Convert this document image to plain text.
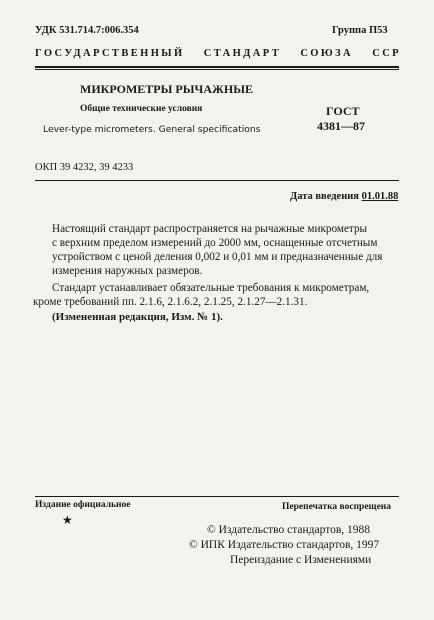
УДК 531.714.7:006.354	Группа П53
ГОСУДАРСТВЕННЫЙ СТАНДАРТ СОЮЗА ССР
МИКРОМЕТРЫ РЫЧАЖНЫЕ
Общие технические условия
Lever-type micrometers. General specifications
ГОСТ
4381—87
ОКП 39 4232, 39 4233
Дата введения 01.01.88
Настоящий стандарт распространяется на рычажные микрометры
с верхним пределом измерений до 2000 мм, оснащенные отсчетным
устройством с ценой деления 0,002 и 0,01 мм и предназначенные для
измерения наружных размеров.
Стандарт устанавливает обязательные требования к микрометрам,
кроме требований пп. 2.1.6, 2.1.6.2, 2.1.25, 2.1.27—2.1.31.
(Измененная редакция, Изм. № 1).
Издание официальное
★
Перепечатка воспрещена
© Издательство стандартов, 1988
© ИПК Издательство стандартов, 1997
Переиздание с Изменениями
